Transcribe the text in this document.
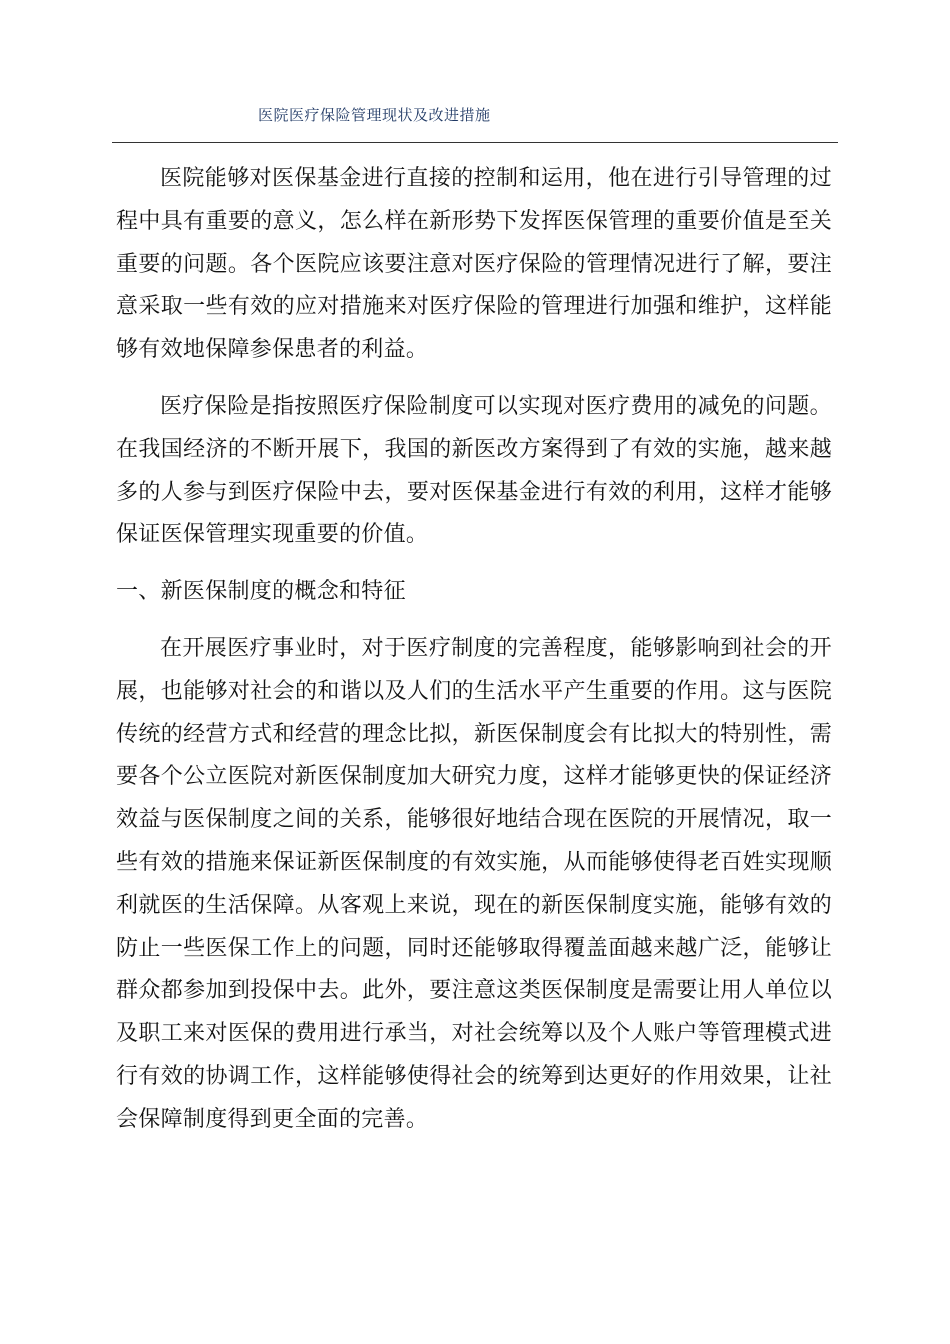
医院医疗保险管理现状及改进措施

医院能够对医保基金进行直接的控制和运用，他在进行引导管理的过程中具有重要的意义，怎么样在新形势下发挥医保管理的重要价值是至关重要的问题。各个医院应该要注意对医疗保险的管理情况进行了解，要注意采取一些有效的应对措施来对医疗保险的管理进行加强和维护，这样能够有效地保障参保患者的利益。

医疗保险是指按照医疗保险制度可以实现对医疗费用的减免的问题。在我国经济的不断开展下，我国的新医改方案得到了有效的实施，越来越多的人参与到医疗保险中去，要对医保基金进行有效的利用，这样才能够保证医保管理实现重要的价值。

一、新医保制度的概念和特征

在开展医疗事业时，对于医疗制度的完善程度，能够影响到社会的开展，也能够对社会的和谐以及人们的生活水平产生重要的作用。这与医院传统的经营方式和经营的理念比拟，新医保制度会有比拟大的特别性，需要各个公立医院对新医保制度加大研究力度，这样才能够更快的保证经济效益与医保制度之间的关系，能够很好地结合现在医院的开展情况，取一些有效的措施来保证新医保制度的有效实施，从而能够使得老百姓实现顺利就医的生活保障。从客观上来说，现在的新医保制度实施，能够有效的防止一些医保工作上的问题，同时还能够取得覆盖面越来越广泛，能够让群众都参加到投保中去。此外，要注意这类医保制度是需要让用人单位以及职工来对医保的费用进行承当，对社会统筹以及个人账户等管理模式进行有效的协调工作，这样能够使得社会的统筹到达更好的作用效果，让社会保障制度得到更全面的完善。
